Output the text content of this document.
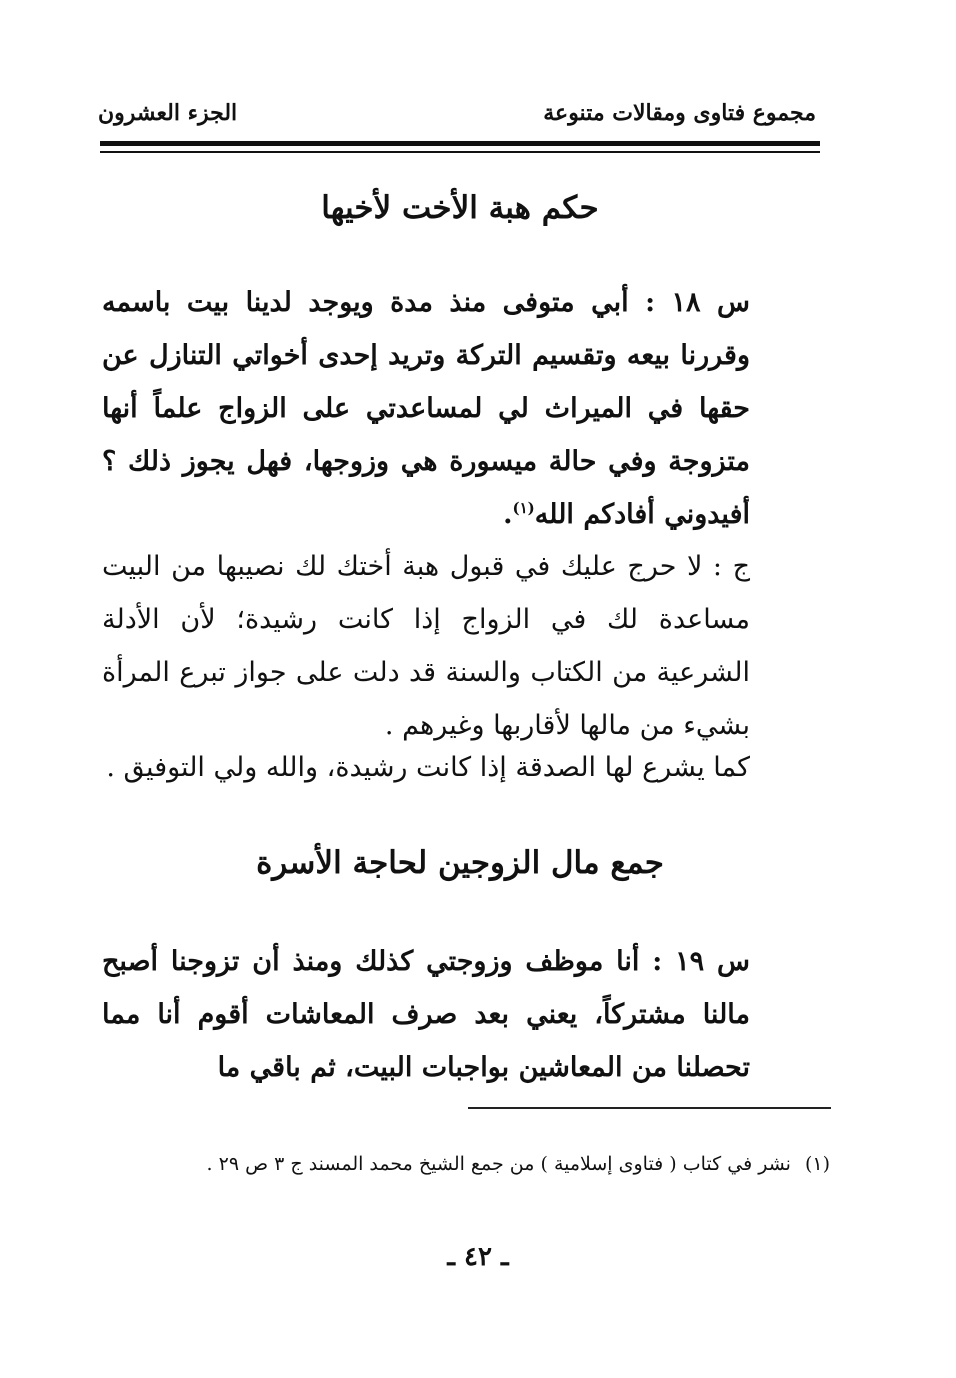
مجموع فتاوى ومقالات متنوعة
الجزء العشرون
حكم هبة الأخت لأخيها
س ١٨ : أبي متوفى منذ مدة ويوجد لدينا بيت باسمه وقررنا بيعه وتقسيم التركة وتريد إحدى أخواتي التنازل عن حقها في الميراث لي لمساعدتي على الزواج علماً أنها متزوجة وفي حالة ميسورة هي وزوجها، فهل يجوز ذلك ؟ أفيدوني أفادكم الله$^{(١)}$.
ج : لا حرج عليك في قبول هبة أختك لك نصيبها من البيت مساعدة لك في الزواج إذا كانت رشيدة؛ لأن الأدلة الشرعية من الكتاب والسنة قد دلت على جواز تبرع المرأة بشيء من مالها لأقاربها وغيرهم .
كما يشرع لها الصدقة إذا كانت رشيدة، والله ولي التوفيق .
جمع مال الزوجين لحاجة الأسرة
س ١٩ : أنا موظف وزوجتي كذلك ومنذ أن تزوجنا أصبح مالنا مشتركاً، يعني بعد صرف المعاشات أقوم أنا مما تحصلنا من المعاشين بواجبات البيت، ثم باقي ما
(١)نشر في كتاب ( فتاوى إسلامية ) من جمع الشيخ محمد المسند ج ٣ ص ٢٩ .
ـ ٤٢ ـ
